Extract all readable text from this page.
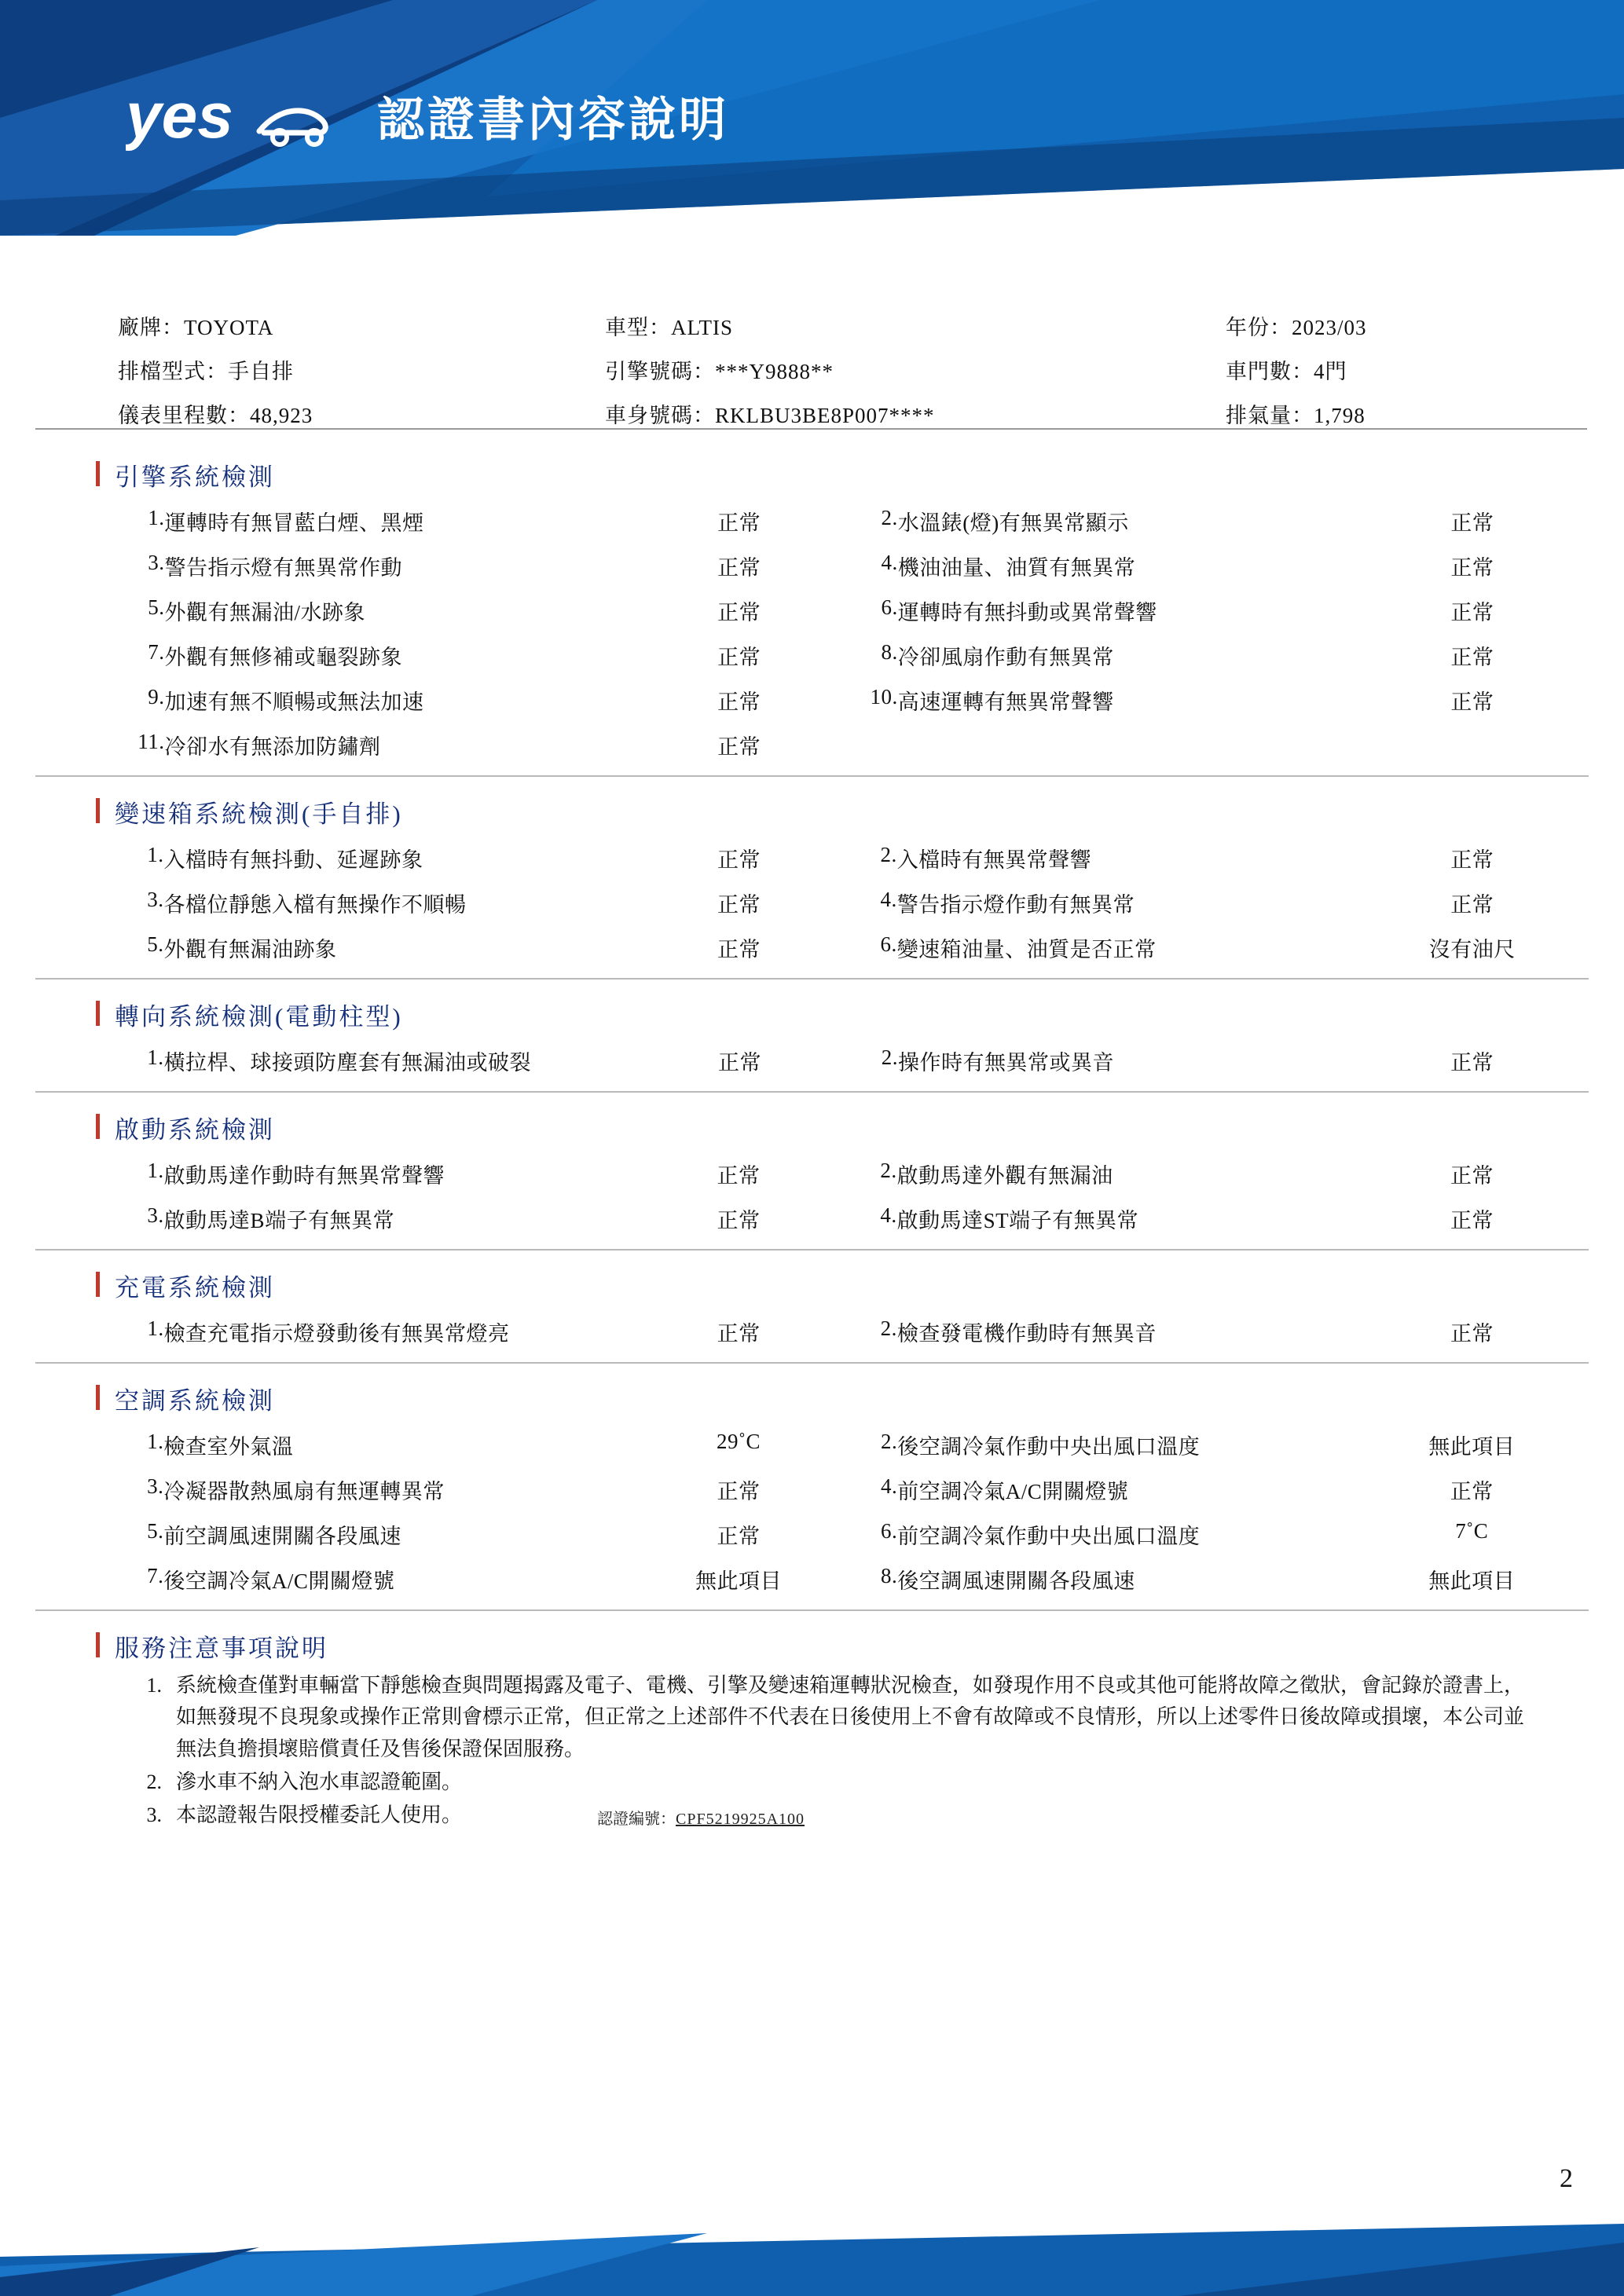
yes	認證書內容說明
廠牌：TOYOTA	車型：ALTIS	年份：2023/03
排檔型式：手自排	引擎號碼：***Y9888**	車門數：4門
儀表里程數：48,923	車身號碼：RKLBU3BE8P007****	排氣量：1,798
引擎系統檢測
1.	運轉時有無冒藍白煙、黑煙	正常		2.	水溫錶(燈)有無異常顯示	正常
3.	警告指示燈有無異常作動	正常		4.	機油油量、油質有無異常	正常
5.	外觀有無漏油/水跡象	正常		6.	運轉時有無抖動或異常聲響	正常
7.	外觀有無修補或龜裂跡象	正常		8.	冷卻風扇作動有無異常	正常
9.	加速有無不順暢或無法加速	正常		10.	高速運轉有無異常聲響	正常
11.	冷卻水有無添加防鏽劑	正常				
變速箱系統檢測(手自排)
1.	入檔時有無抖動、延遲跡象	正常		2.	入檔時有無異常聲響	正常
3.	各檔位靜態入檔有無操作不順暢	正常		4.	警告指示燈作動有無異常	正常
5.	外觀有無漏油跡象	正常		6.	變速箱油量、油質是否正常	沒有油尺
轉向系統檢測(電動柱型)
1.	橫拉桿、球接頭防塵套有無漏油或破裂	正常		2.	操作時有無異常或異音	正常
啟動系統檢測
1.	啟動馬達作動時有無異常聲響	正常		2.	啟動馬達外觀有無漏油	正常
3.	啟動馬達B端子有無異常	正常		4.	啟動馬達ST端子有無異常	正常
充電系統檢測
1.	檢查充電指示燈發動後有無異常燈亮	正常		2.	檢查發電機作動時有無異音	正常
空調系統檢測
1.	檢查室外氣溫	29˚C		2.	後空調冷氣作動中央出風口溫度	無此項目
3.	冷凝器散熱風扇有無運轉異常	正常		4.	前空調冷氣A/C開關燈號	正常
5.	前空調風速開關各段風速	正常		6.	前空調冷氣作動中央出風口溫度	7˚C
7.	後空調冷氣A/C開關燈號	無此項目		8.	後空調風速開關各段風速	無此項目
服務注意事項說明
1. 系統檢查僅對車輛當下靜態檢查與問題揭露及電子、電機、引擎及變速箱運轉狀況檢查，如發現作用不良或其他可能將故障之徵狀，會記錄於證書上，如無發現不良現象或操作正常則會標示正常，但正常之上述部件不代表在日後使用上不會有故障或不良情形，所以上述零件日後故障或損壞，本公司並無法負擔損壞賠償責任及售後保證保固服務。
2. 滲水車不納入泡水車認證範圍。
3. 本認證報告限授權委託人使用。	認證編號：CPF5219925A100
2
